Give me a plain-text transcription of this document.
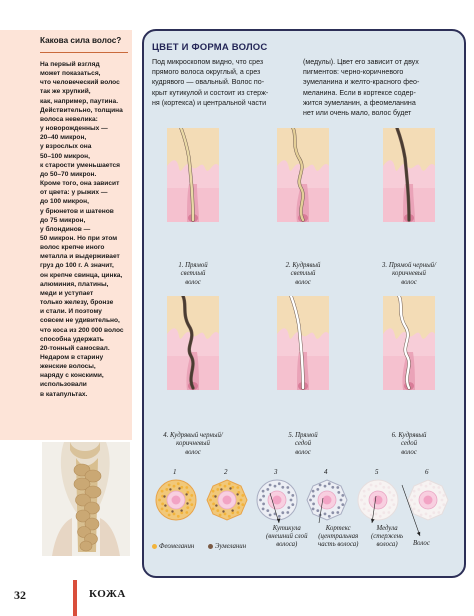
Какова сила волос?
На первый взгляд
может показаться,
что человеческий волос
так же хрупкий,
как, например, паутина.
Действительно, толщина
волоса невелика:
у новорожденных —
20–40 микрон,
у взрослых она
50–100 микрон,
к старости уменьшается
до 50–70 микрон.
Кроме того, она зависит
от цвета: у рыжих —
до 100 микрон,
у брюнетов и шатенов
до 75 микрон,
у блондинов —
50 микрон. Но при этом
волос крепче иного
металла и выдерживает
груз до 100 г. А значит,
он крепче свинца, цинка,
алюминия, платины,
меди и уступает
только железу, бронзе
и стали. И поэтому
совсем не удивительно,
что коса из 200 000 волос
способна удержать
20-тонный самосвал.
Недаром в старину
женские волосы,
наряду с конскими,
использовали
в катапультах.
32	КОЖА
ЦВЕТ И ФОРМА ВОЛОС
Под микроскопом видно, что срез
прямого волоса округлый, а срез
кудрявого — овальный. Волос по-
крыт кутикулой и состоит из стерж-
ня (кортекса) и центральной части
(медулы). Цвет его зависит от двух
пигментов: черно-коричневого
эумеланина и желто-красного фео-
меланина. Если в кортексе содер-
жится эумеланин, а феомеланина
нет или очень мало, волос будет
1. Прямой
светлый
волос
2. Кудрявый
светлый
волос
3. Прямой черный/
коричневый
волос
4. Кудрявый черный/
коричневый
волос
5. Прямой
седой
волос
6. Кудрявый
седой
волос
1	2	3	4	5	6
Феомеланин	Эумеланин
Кутикула
(внешний слой
волоса)
Кортекс
(центральная
часть волоса)
Медула
(стержень
волоса)	Волос
